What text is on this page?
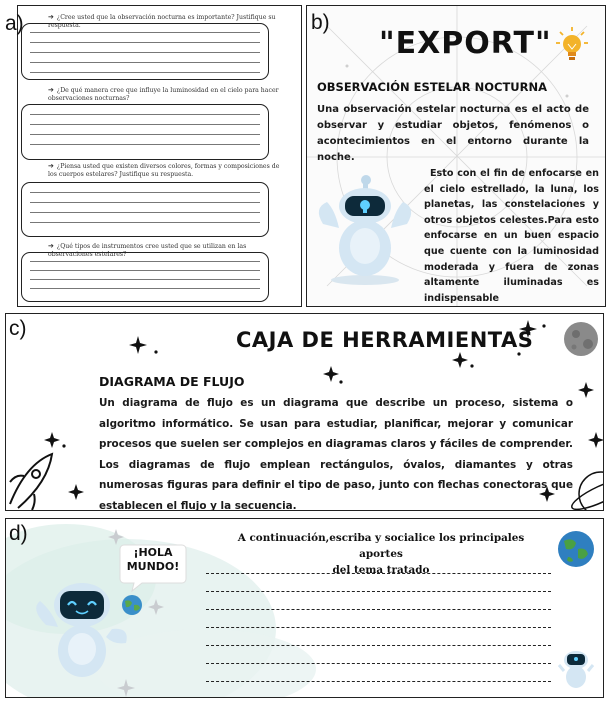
a)	b)
c)
d)
➔ ¿Cree usted que la observación nocturna es importante? Justifique su respuesta.
➔ ¿De qué manera cree que influye la luminosidad en el cielo para hacer observaciones nocturnas?
➔ ¿Piensa usted que existen diversos colores, formas y composiciones de los cuerpos estelares? Justifique su respuesta.
➔ ¿Qué tipos de instrumentos cree usted que se utilizan en las observaciones estelares?
"EXPORT"
OBSERVACIÓN ESTELAR NOCTURNA
Una observación estelar nocturna es el acto de observar y estudiar objetos, fenómenos o acontecimientos en el entorno durante la noche.
Esto con el fin de enfocarse en el cielo estrellado, la luna, los planetas, las constelaciones y otros objetos celestes.Para esto enfocarse en un buen espacio que cuente con la luminosidad moderada y fuera de zonas altamente iluminadas es indispensable
CAJA DE HERRAMIENTAS
DIAGRAMA DE FLUJO
Un diagrama de flujo es un diagrama que describe un proceso, sistema o algoritmo informático. Se usan para estudiar, planificar, mejorar y comunicar procesos que suelen ser complejos en diagramas claros y fáciles de comprender. Los diagramas de flujo emplean rectángulos, óvalos, diamantes y otras numerosas figuras para definir el tipo de paso, junto con flechas conectoras que establecen el flujo y la secuencia.
¡HOLA MUNDO!
A continuación,escriba y socialice los principales aportes
del tema tratado
